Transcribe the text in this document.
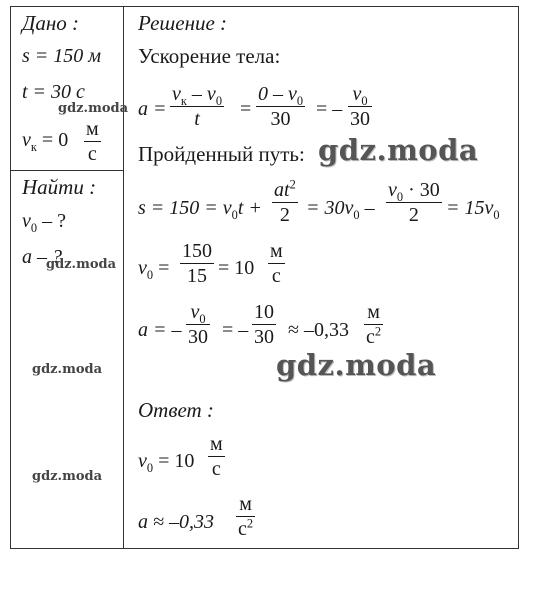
Дано :
s = 150 м
t = 30 с
$v_к = 0$ м
с
Найти :
$v_0$ – ?
a – ?
Решение :
Ускорение тела:
a =
$v_к - v_0$
t	=
$0 - v_0$
30	= –
$v_0$
30
Пройденный путь:
$s = 150 = v_0t$ +
$at^2$
$2 = 30v_0$ –
$v_0 \cdot 30$
2	= $15v_0$
$v_0$ =
150
15 = 10
м
с
a = –
$v_0$
30 = –
10
30 ≈ –0,33
м
$с^2$
Ответ :
$v_0 = 10$
м
с
a ≈ –0,33
м
$с^2$
gdz.moda
gdz.moda
gdz.moda
gdz.moda
gdz.moda
gdz.moda
